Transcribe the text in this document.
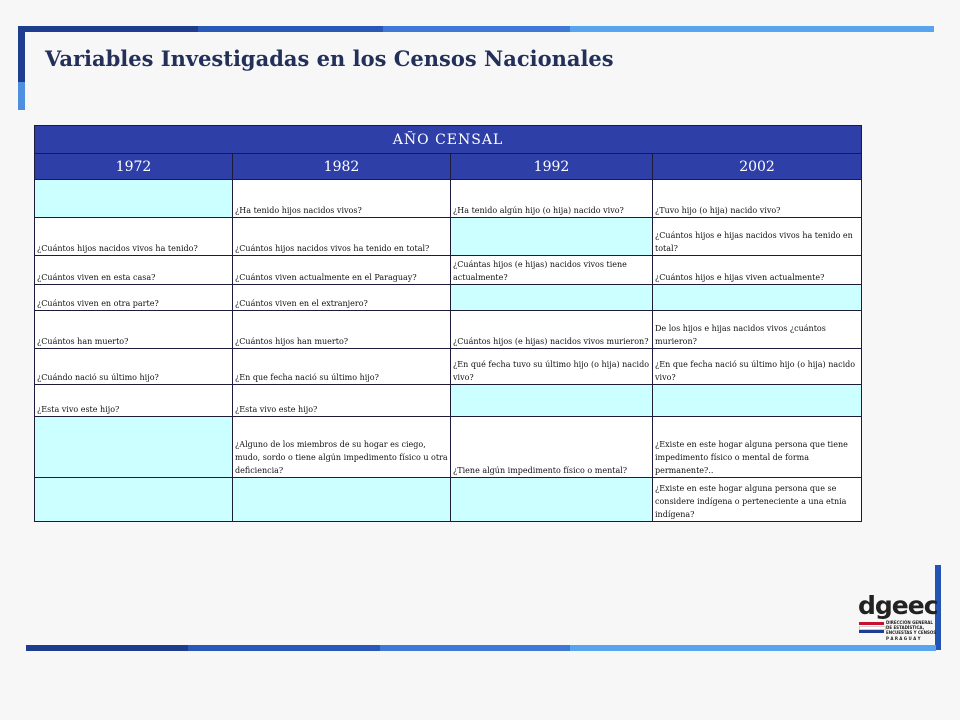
Variables Investigadas en los Censos Nacionales
AÑO CENSAL			
1972	1982	1992	2002
	¿Ha tenido hijos nacidos vivos?	¿Ha tenido algún hijo (o hija) nacido vivo?	¿Tuvo hijo (o hija) nacido vivo?
¿Cuántos hijos nacidos vivos ha tenido?	¿Cuántos hijos nacidos vivos ha tenido en total?		¿Cuántos hijos e hijas nacidos vivos ha tenido en total?
¿Cuántos viven en esta casa?	¿Cuántos viven actualmente en el Paraguay?	¿Cuántas hijos (e hijas) nacidos vivos tiene actualmente?	¿Cuántos hijos e hijas viven actualmente?
¿Cuántos viven en otra parte?	¿Cuántos viven en el extranjero?		
¿Cuántos han muerto?	¿Cuántos hijos han muerto?	¿Cuántos hijos (e hijas) nacidos vivos murieron?	De los hijos e hijas nacidos vivos ¿cuántos murieron?
¿Cuándo nació su último hijo?	¿En que fecha nació su último hijo?	¿En qué fecha tuvo su último hijo (o hija) nacido vivo?	¿En que fecha nació su último hijo (o hija) nacido vivo?
¿Esta vivo este hijo?	¿Esta vivo este hijo?		
	¿Alguno de los miembros de su hogar es ciego, mudo, sordo o tiene algún impedimento físico u otra deficiencia?	¿Tiene algún impedimento físico o mental?	¿Existe en este hogar alguna persona que tiene impedimento físico o mental de forma permanente?..
			¿Existe en este hogar alguna persona que se considere indígena o perteneciente a una etnia indígena?
dgeec
DIRECCIÓN GENERAL
DE ESTADÍSTICA,
ENCUESTAS Y CENSOS
P A R A G U A Y
